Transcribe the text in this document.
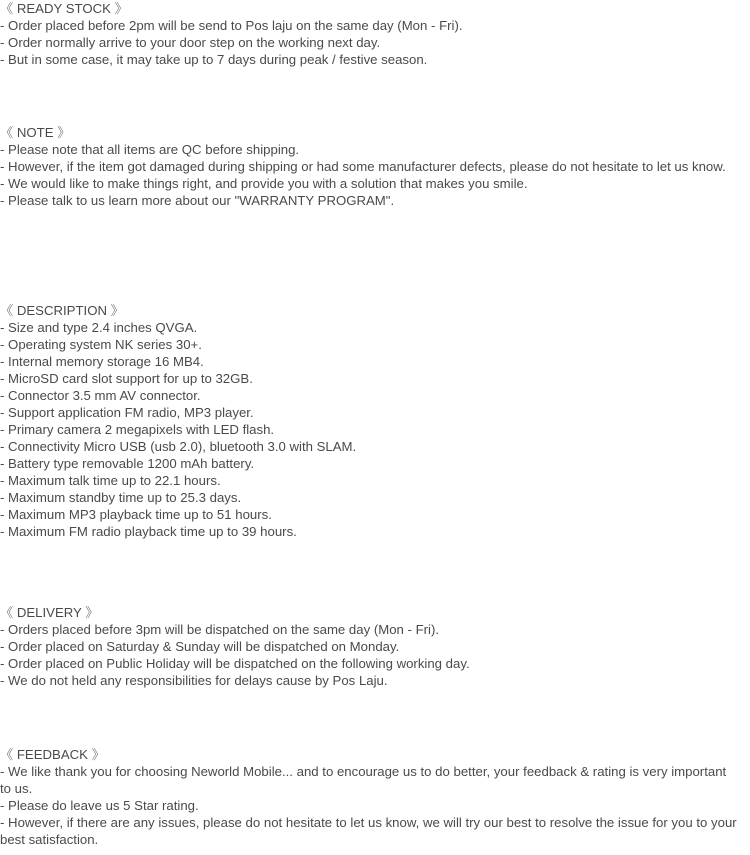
《 READY STOCK 》
- Order placed before 2pm will be send to Pos laju on the same day (Mon - Fri).
- Order normally arrive to your door step on the working next day.
- But in some case, it may take up to 7 days during peak / festive season.
《 NOTE 》
- Please note that all items are QC before shipping.
- However, if the item got damaged during shipping or had some manufacturer defects, please do not hesitate to let us know.
- We would like to make things right, and provide you with a solution that makes you smile.
- Please talk to us learn more about our "WARRANTY PROGRAM".
《 DESCRIPTION 》
- Size and type 2.4 inches QVGA.
- Operating system NK series 30+.
- Internal memory storage 16 MB4.
- MicroSD card slot support for up to 32GB.
- Connector 3.5 mm AV connector.
- Support application FM radio, MP3 player.
- Primary camera 2 megapixels with LED flash.
- Connectivity Micro USB (usb 2.0), bluetooth 3.0 with SLAM.
- Battery type removable 1200 mAh battery.
- Maximum talk time up to 22.1 hours.
- Maximum standby time up to 25.3 days.
- Maximum MP3 playback time up to 51 hours.
- Maximum FM radio playback time up to 39 hours.
《 DELIVERY 》
- Orders placed before 3pm will be dispatched on the same day (Mon - Fri).
- Order placed on Saturday & Sunday will be dispatched on Monday.
- Order placed on Public Holiday will be dispatched on the following working day.
- We do not held any responsibilities for delays cause by Pos Laju.
《 FEEDBACK 》
- We like thank you for choosing Neworld Mobile... and to encourage us to do better, your feedback & rating is very important to us.
- Please do leave us 5 Star rating.
- However, if there are any issues, please do not hesitate to let us know, we will try our best to resolve the issue for you to your best satisfaction.
